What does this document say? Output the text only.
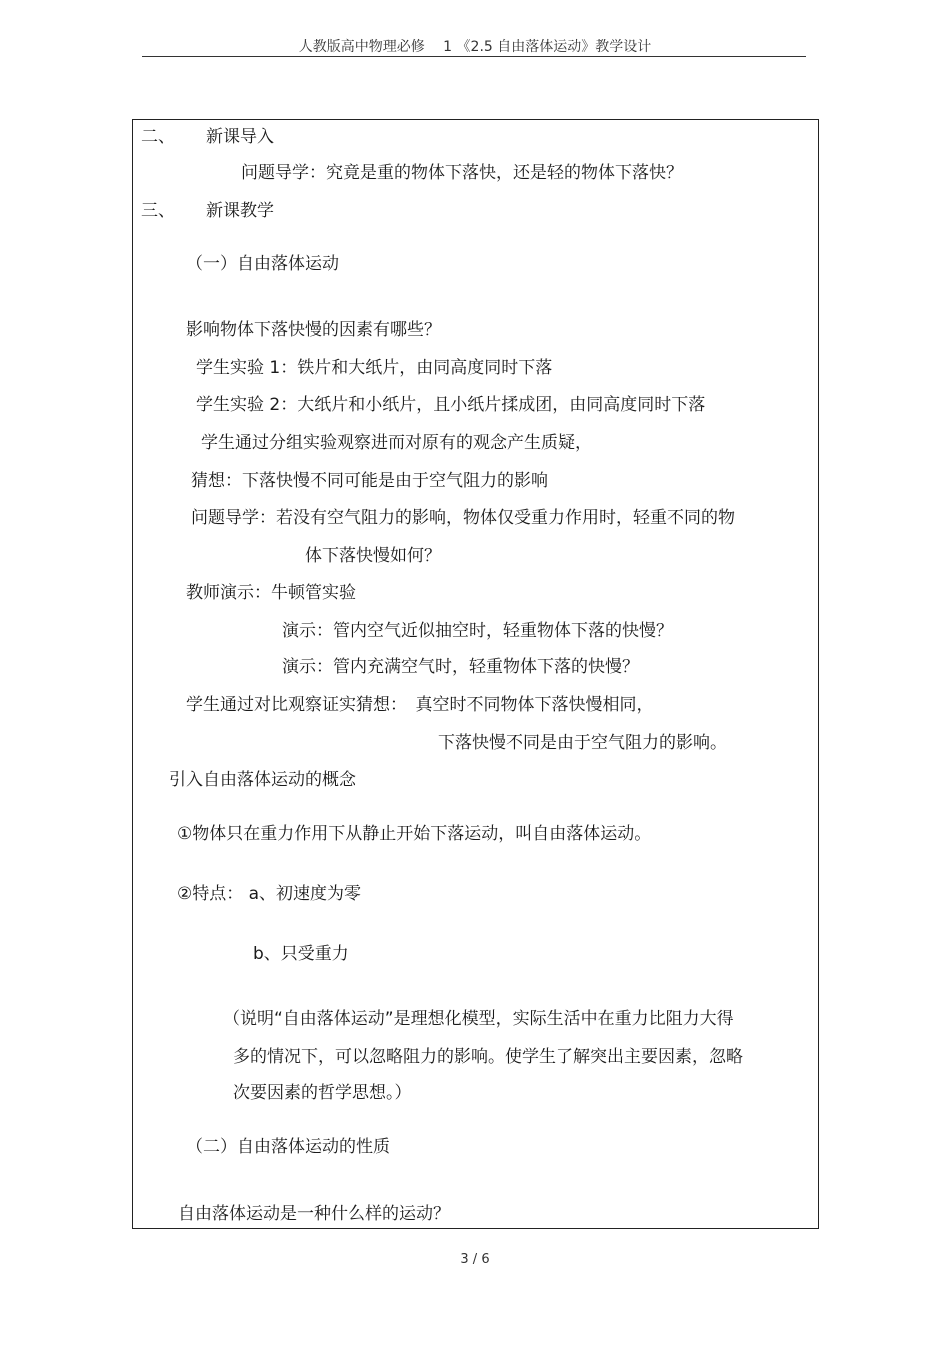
人教版高中物理必修　 1 《2.5 自由落体运动》教学设计
二、 新课导入
问题导学：究竟是重的物体下落快，还是轻的物体下落快？
三、 新课教学
（一）自由落体运动
影响物体下落快慢的因素有哪些？
学生实验 1：铁片和大纸片，由同高度同时下落
学生实验 2：大纸片和小纸片，且小纸片揉成团，由同高度同时下落
学生通过分组实验观察进而对原有的观念产生质疑，
猜想：下落快慢不同可能是由于空气阻力的影响
问题导学：若没有空气阻力的影响，物体仅受重力作用时，轻重不同的物
体下落快慢如何？
教师演示：牛顿管实验
演示：管内空气近似抽空时，轻重物体下落的快慢？
演示：管内充满空气时，轻重物体下落的快慢？
学生通过对比观察证实猜想：　真空时不同物体下落快慢相同，
下落快慢不同是由于空气阻力的影响。
引入自由落体运动的概念
①物体只在重力作用下从静止开始下落运动，叫自由落体运动。
②特点： a、初速度为零
b、只受重力
（说明“自由落体运动”是理想化模型，实际生活中在重力比阻力大得
多的情况下，可以忽略阻力的影响。使学生了解突出主要因素，忽略
次要因素的哲学思想。）
（二）自由落体运动的性质
自由落体运动是一种什么样的运动？
3 / 6
